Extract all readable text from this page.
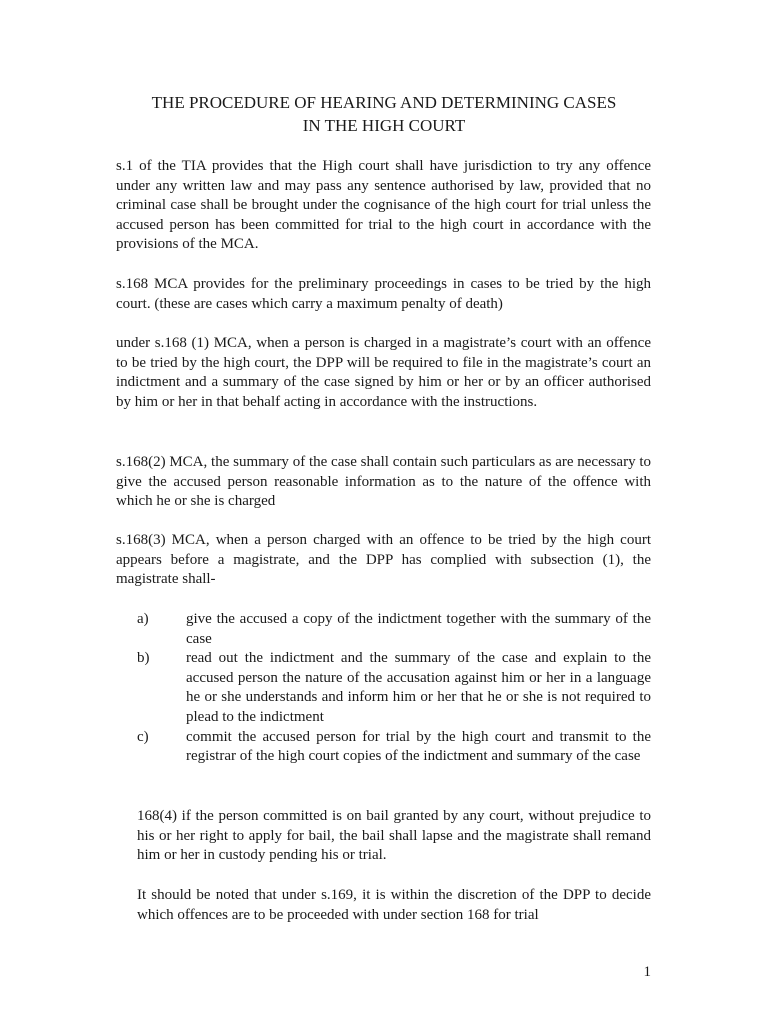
THE PROCEDURE OF HEARING AND DETERMINING CASES
IN THE HIGH COURT

s.1 of the TIA provides that the High court shall have jurisdiction to try any offence under any written law and may pass any sentence authorised by law, provided that no criminal case shall be brought under the cognisance of the high court for trial unless the accused person has been committed for trial to the high court in accordance with the provisions of the MCA.

s.168 MCA provides for the preliminary proceedings in cases to be tried by the high court. (these are cases which carry a maximum penalty of death)

under s.168 (1) MCA, when a person is charged in a magistrate’s court with an offence to be tried by the high court, the DPP will be required to file in the magistrate’s court an indictment and a summary of the case signed by him or her or by an officer authorised by him or her in that behalf acting in accordance with the instructions.

s.168(2) MCA, the summary of the case shall contain such particulars as are necessary to give the accused person reasonable information as to the nature of the offence with which he or she is charged

s.168(3) MCA, when a person charged with an offence to be tried by the high court appears before a magistrate, and the DPP has complied with subsection (1), the magistrate shall-

a)	give the accused a copy of the indictment together with the summary of the case
b)	read out the indictment and the summary of the case and explain to the accused person the nature of the accusation against him or her in a language he or she understands and inform him or her that he or she is not required to plead to the indictment
c)	commit the accused person for trial by the high court and transmit to the registrar of the high court copies of the indictment and summary of the case

168(4) if the person committed is on bail granted by any court, without prejudice to his or her right to apply for bail, the bail shall lapse and the magistrate shall remand him or her in custody pending his or trial.

It should be noted that under s.169, it is within the discretion of the DPP to decide which offences are to be proceeded with under section 168 for trial

1
